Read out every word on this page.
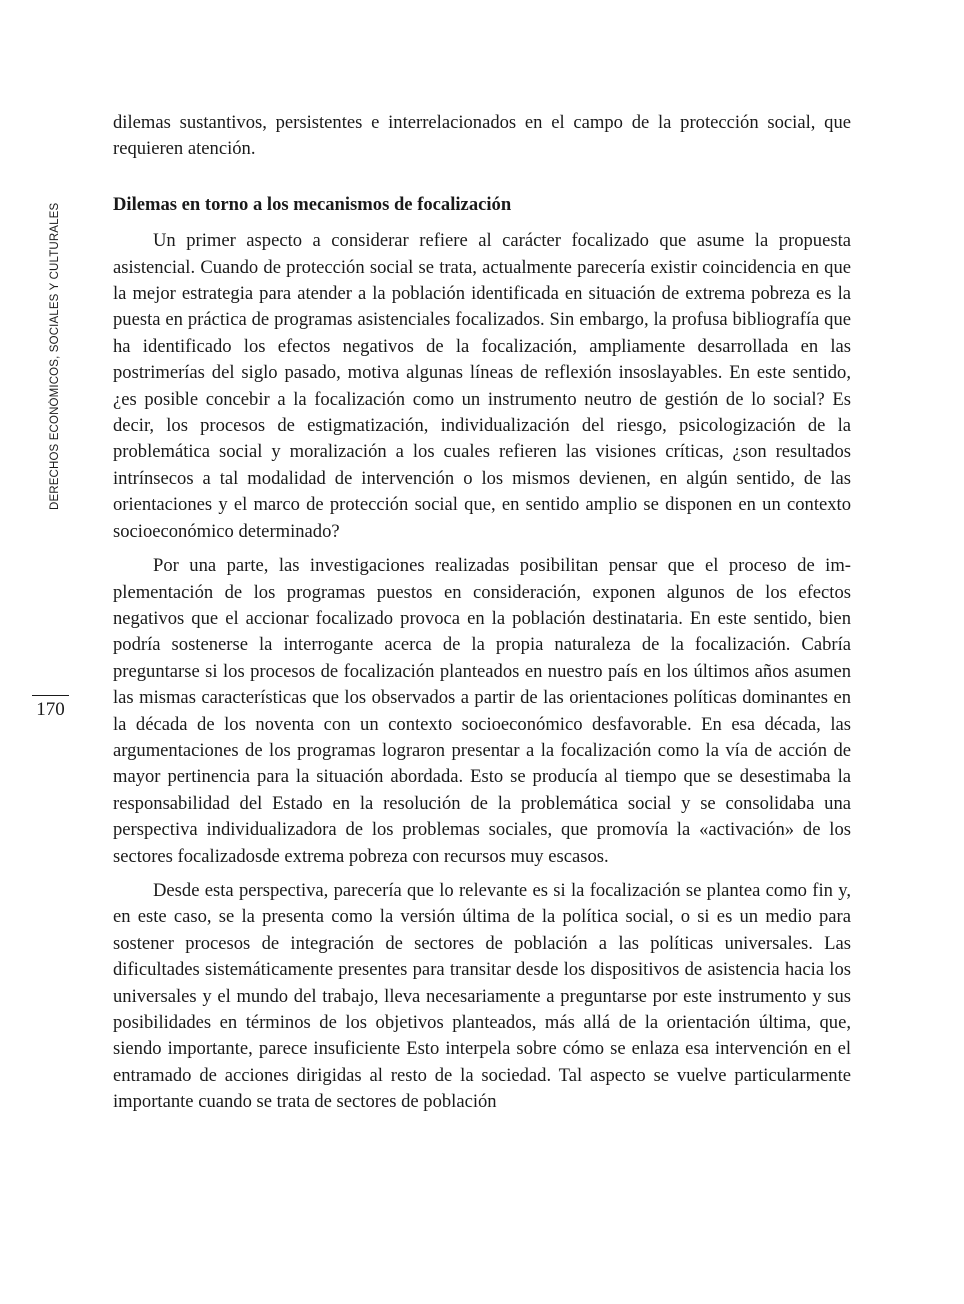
DERECHOS ECONÓMICOS, SOCIALES Y CULTURALES
170

dilemas sustantivos, persistentes e interrelacionados en el campo de la protección social, que requieren atención.

Dilemas en torno a los mecanismos de focalización

Un primer aspecto a considerar refiere al carácter focalizado que asume la propuesta asistencial. Cuando de protección social se trata, actualmente parecería existir coincidencia en que la mejor estrategia para atender a la población identificada en situación de extrema pobreza es la puesta en práctica de programas asistenciales focalizados. Sin embargo, la profusa bibliografía que ha identificado los efectos negativos de la focalización, ampliamente desarrollada en las postrimerías del siglo pasado, motiva algunas líneas de reflexión insoslayables. En este sentido, ¿es posible concebir a la focalización como un instrumento neutro de gestión de lo social? Es decir, los procesos de estigmatización, individualización del riesgo, psicologización de la problemática social y moralización a los cuales refieren las visiones críticas, ¿son resultados intrínsecos a tal modalidad de intervención o los mismos devienen, en algún sentido, de las orientaciones y el marco de protección social que, en sentido amplio se disponen en un contexto socioeconómico determinado?

Por una parte, las investigaciones realizadas posibilitan pensar que el proceso de implementación de los programas puestos en consideración, exponen algunos de los efectos negativos que el accionar focalizado provoca en la población destinataria. En este sentido, bien podría sostenerse la interrogante acerca de la propia naturaleza de la focalización. Cabría preguntarse si los procesos de focalización planteados en nuestro país en los últimos años asumen las mismas características que los observados a partir de las orientaciones políticas dominantes en la década de los noventa con un contexto socioeconómico desfavorable. En esa década, las argumentaciones de los programas lograron presentar a la focalización como la vía de acción de mayor pertinencia para la situación abordada. Esto se producía al tiempo que se desestimaba la responsabilidad del Estado en la resolución de la problemática social y se consolidaba una perspectiva individualizadora de los problemas sociales, que promovía la «activación» de los sectores focalizadosde extrema pobreza con recursos muy escasos.

Desde esta perspectiva, parecería que lo relevante es si la focalización se plantea como fin y, en este caso, se la presenta como la versión última de la política social, o si es un medio para sostener procesos de integración de sectores de población a las políticas universales. Las dificultades sistemáticamente presentes para transitar desde los dispositivos de asistencia hacia los universales y el mundo del trabajo, lleva necesariamente a preguntarse por este instrumento y sus posibilidades en términos de los objetivos planteados, más allá de la orientación última, que, siendo importante, parece insuficiente Esto interpela sobre cómo se enlaza esa intervención en el entramado de acciones dirigidas al resto de la sociedad. Tal aspecto se vuelve particularmente importante cuando se trata de sectores de población
